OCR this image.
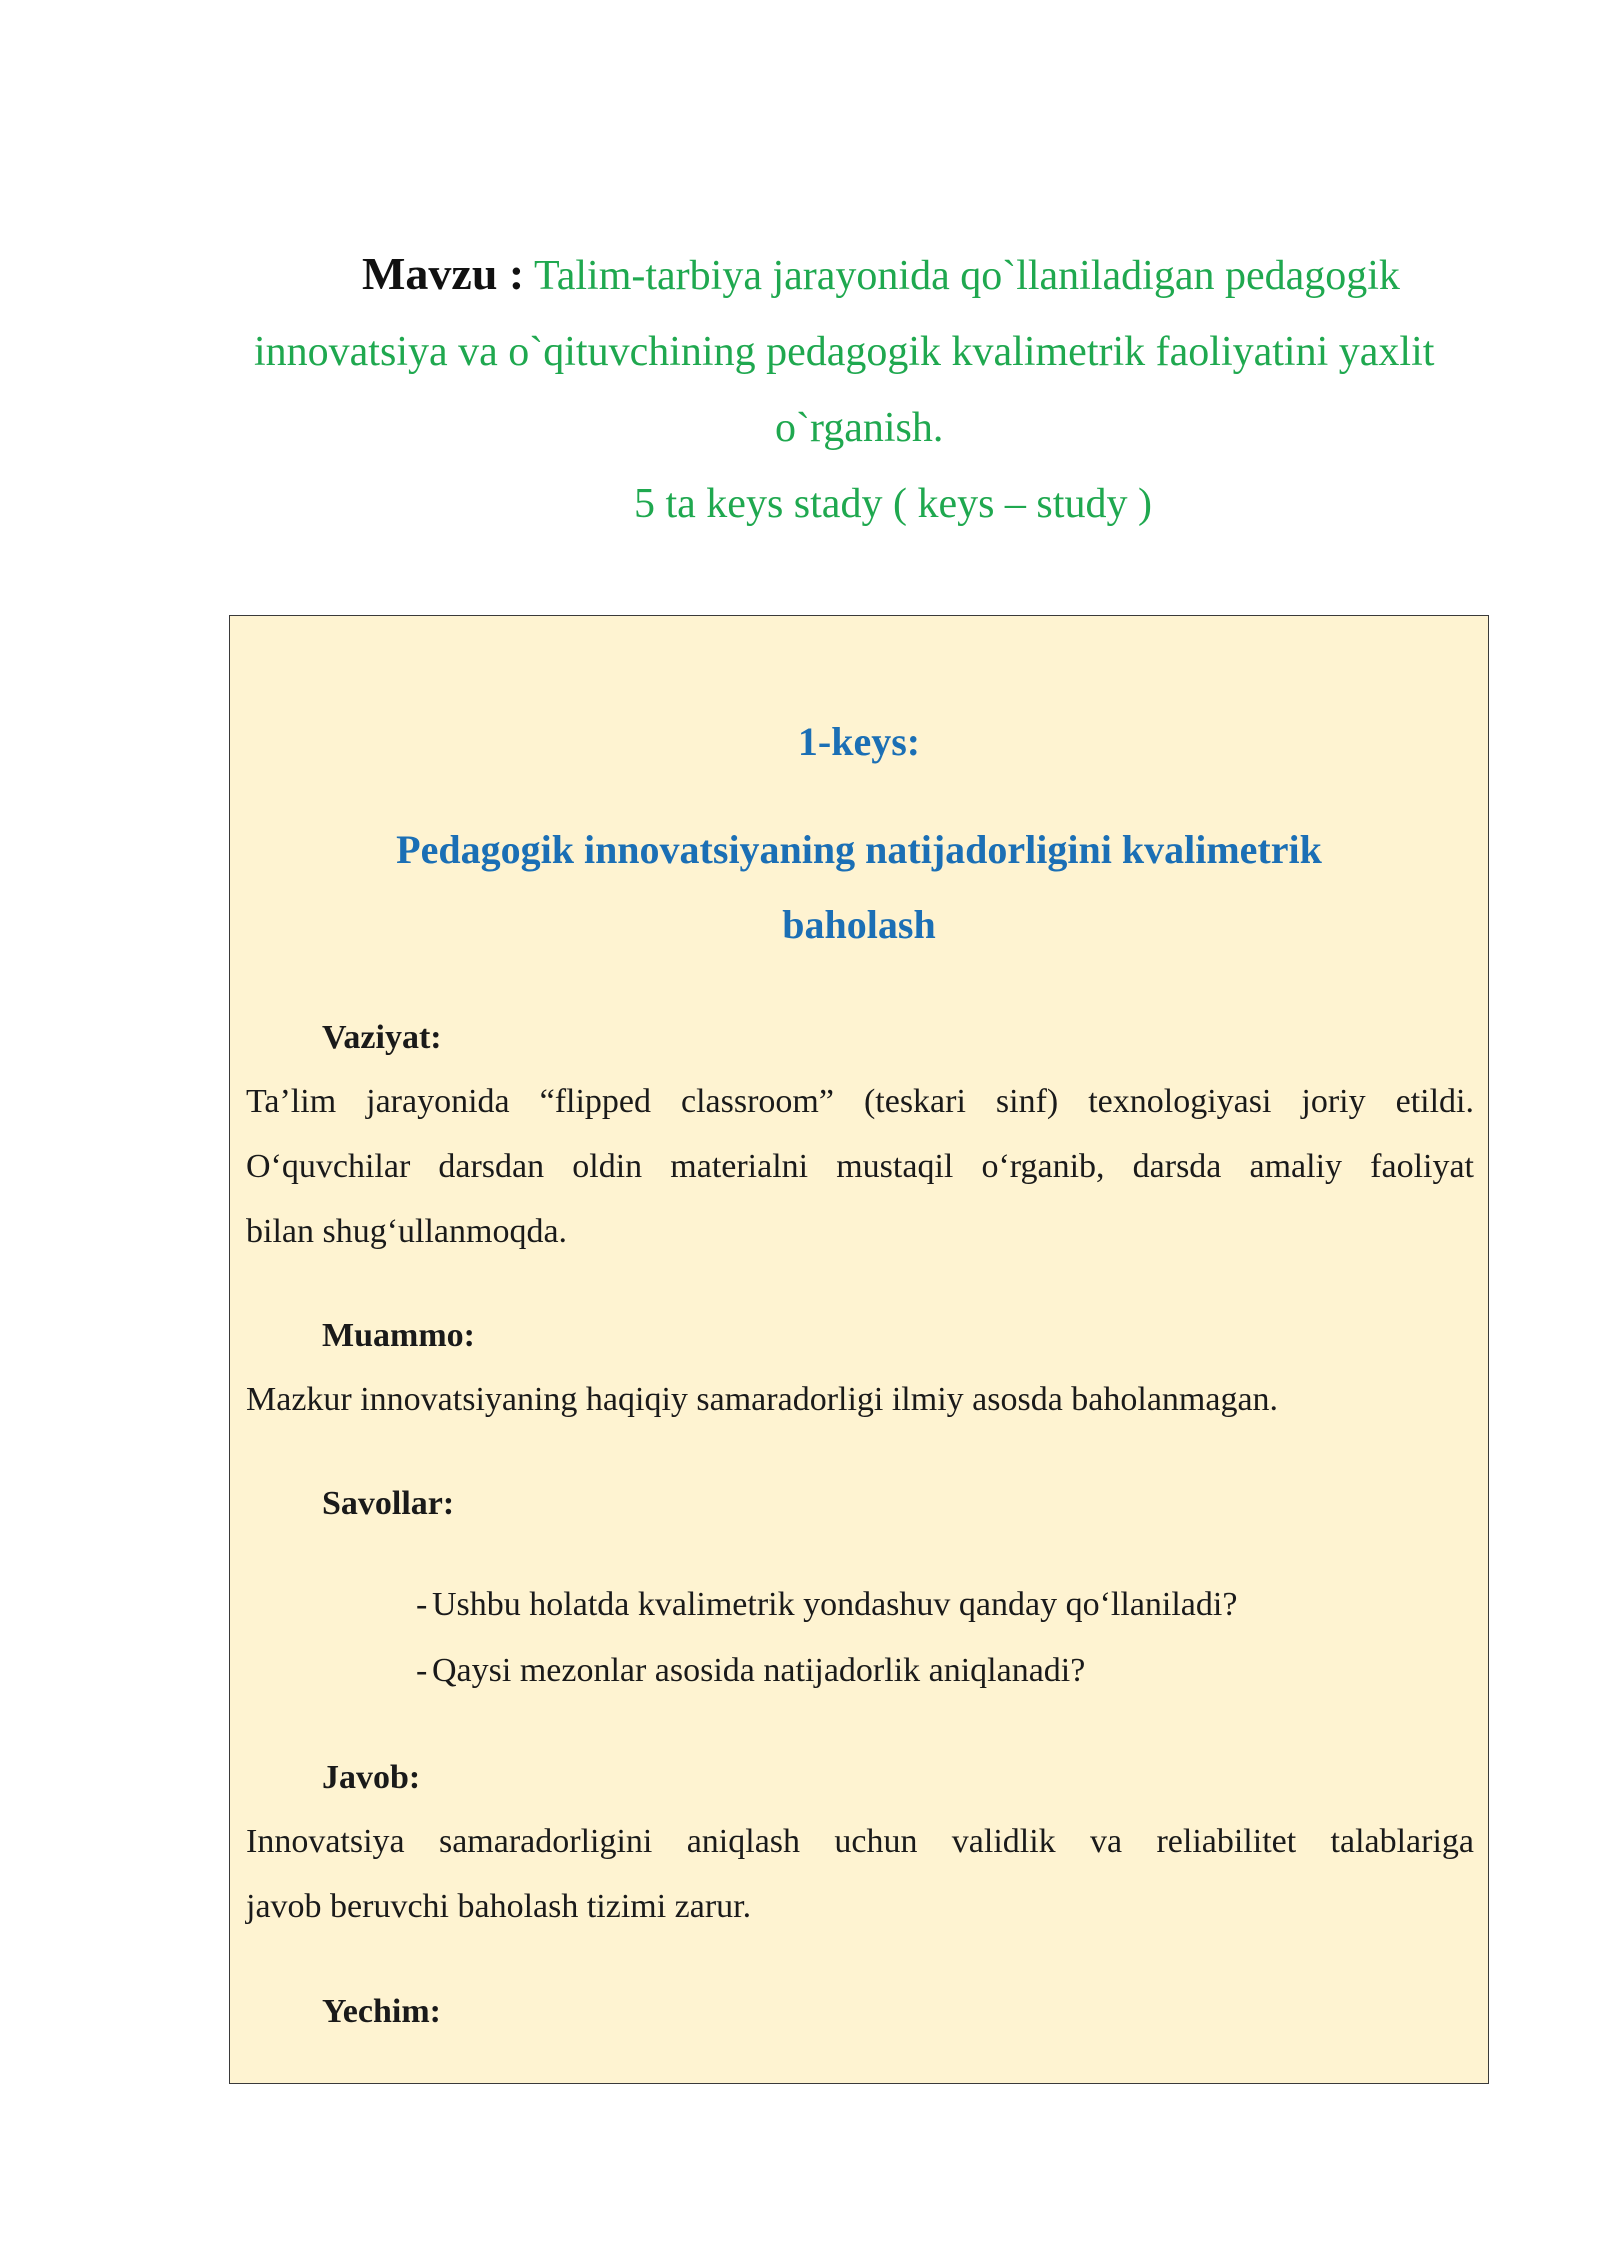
Mavzu : Talim-tarbiya jarayonida qo`llaniladigan pedagogik

innovatsiya va o`qituvchining pedagogik kvalimetrik faoliyatini yaxlit

o`rganish.

5 ta keys stady ( keys – study )

1-keys:

Pedagogik innovatsiyaning natijadorligini kvalimetrik

baholash

Vaziyat:

Ta’lim jarayonida “flipped classroom” (teskari sinf) texnologiyasi joriy etildi.
O‘quvchilar darsdan oldin materialni mustaqil o‘rganib, darsda amaliy faoliyat
bilan shug‘ullanmoqda.

Muammo:

Mazkur innovatsiyaning haqiqiy samaradorligi ilmiy asosda baholanmagan.

Savollar:

- Ushbu holatda kvalimetrik yondashuv qanday qo‘llaniladi?
- Qaysi mezonlar asosida natijadorlik aniqlanadi?

Javob:

Innovatsiya samaradorligini aniqlash uchun validlik va reliabilitet talablariga
javob beruvchi baholash tizimi zarur.

Yechim:
